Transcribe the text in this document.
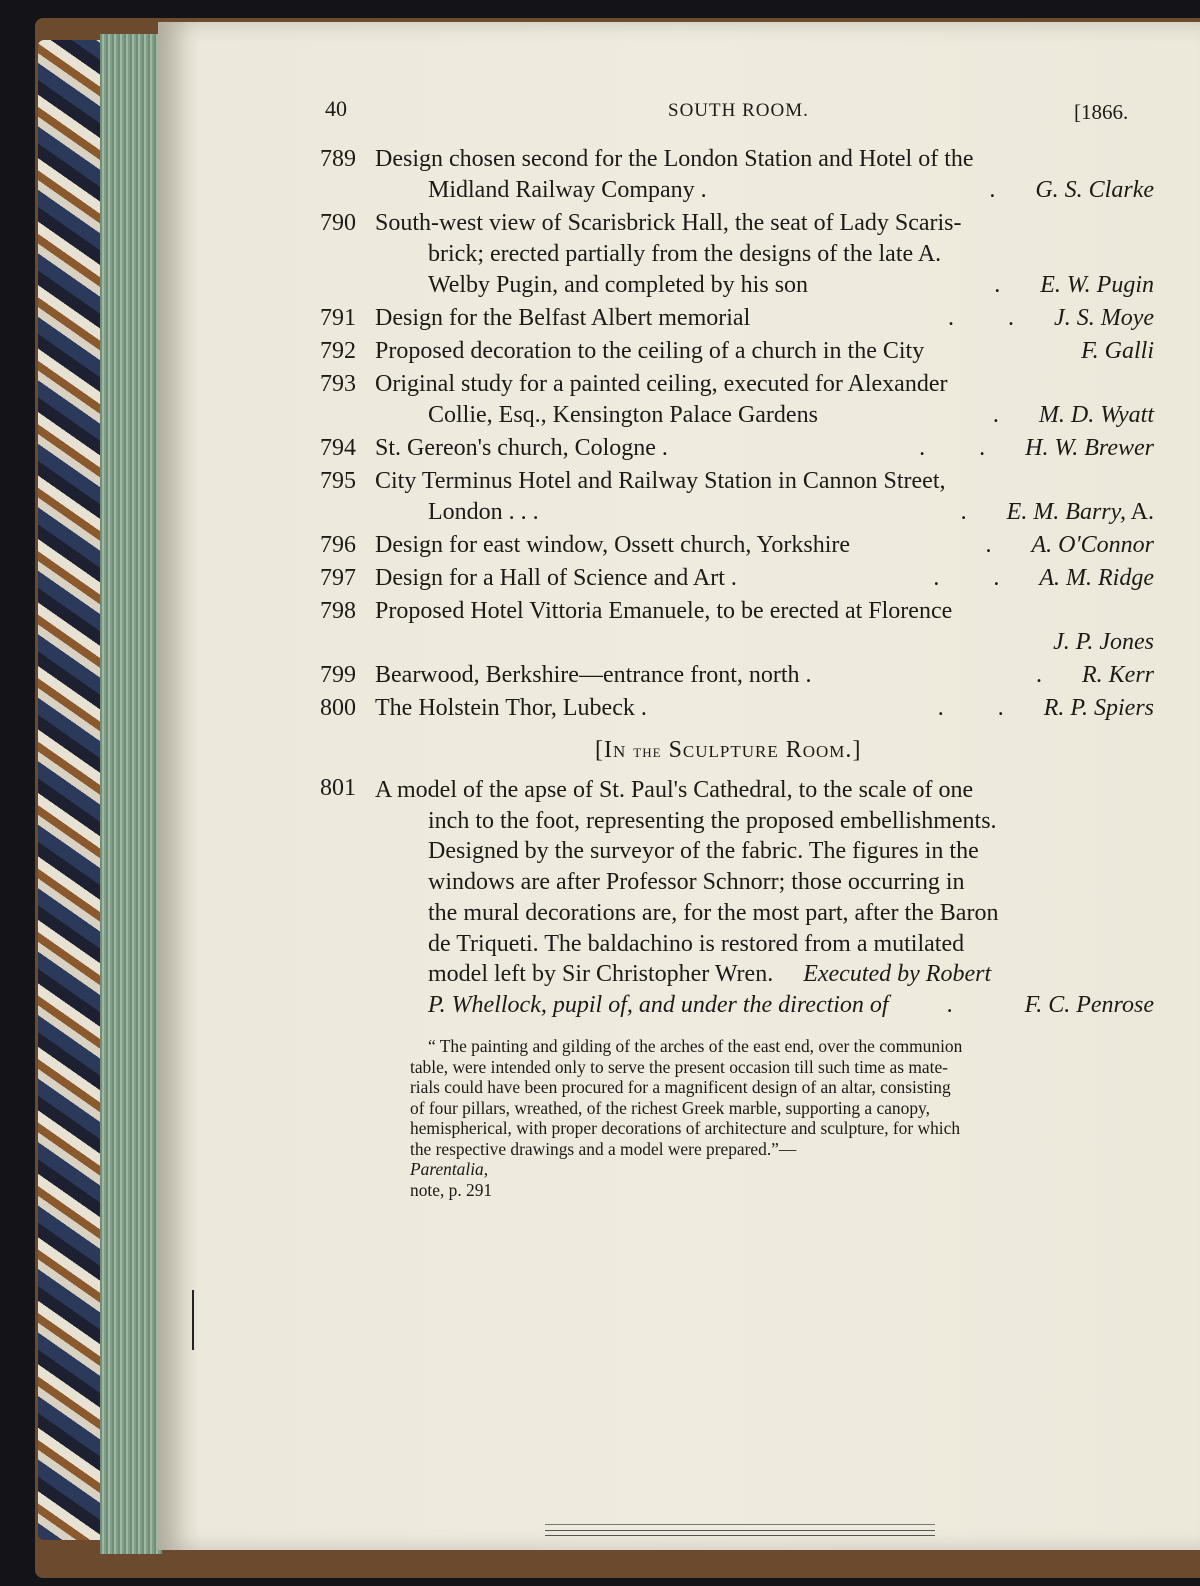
40	SOUTH ROOM.	[1866.
789 Design chosen second for the London Station and Hotel of the
Midland Railway Company .	. G. S. Clarke
790 South-west view of Scarisbrick Hall, the seat of Lady Scaris-
brick; erected partially from the designs of the late A.
Welby Pugin, and completed by his son	. E. W. Pugin
791 Design for the Belfast Albert memorial	.         . J. S. Moye
792 Proposed decoration to the ceiling of a church in the City	F. Galli
793 Original study for a painted ceiling, executed for Alexander
Collie, Esq., Kensington Palace Gardens	. M. D. Wyatt
794 St. Gereon's church, Cologne .	.         . H. W. Brewer
795 City Terminus Hotel and Railway Station in Cannon Street,
London . . .	. E. M. Barry, A.
796 Design for east window, Ossett church, Yorkshire	. A. O'Connor
797 Design for a Hall of Science and Art .	.         . A. M. Ridge
798 Proposed Hotel Vittoria Emanuele, to be erected at Florence
J. P. Jones
799 Bearwood, Berkshire—entrance front, north .	. R. Kerr
800 The Holstein Thor, Lubeck .	.         . R. P. Spiers
[In the Sculpture Room.]
801 A model of the apse of St. Paul's Cathedral, to the scale of one
inch to the foot, representing the proposed embellishments.
Designed by the surveyor of the fabric. The figures in the
windows are after Professor Schnorr; those occurring in
the mural decorations are, for the most part, after the Baron
de Triqueti. The baldachino is restored from a mutilated
model left by Sir Christopher Wren. Executed by Robert
P. Whellock, pupil of, and under the direction of .	F. C. Penrose
“ The painting and gilding of the arches of the east end, over the communion
table, were intended only to serve the present occasion till such time as mate-
rials could have been procured for a magnificent design of an altar, consisting
of four pillars, wreathed, of the richest Greek marble, supporting a canopy,
hemispherical, with proper decorations of architecture and sculpture, for which
the respective drawings and a model were prepared.”—
Parentalia,
note, p. 291
